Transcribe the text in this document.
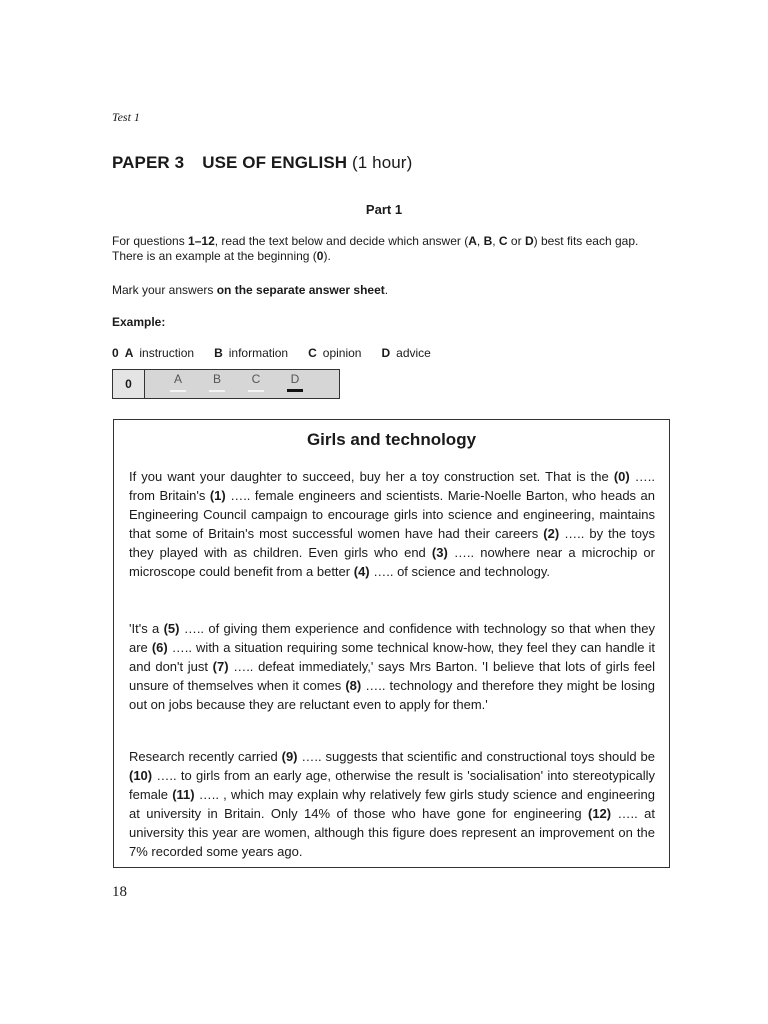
Test 1
PAPER 3 USE OF ENGLISH (1 hour)
Part 1
For questions 1–12, read the text below and decide which answer (A, B, C or D) best fits each gap.
There is an example at the beginning (0).
Mark your answers on the separate answer sheet.
Example:
0 A instruction B information C opinion D advice
0	A	B	C	D
Girls and technology
If you want your daughter to succeed, buy her a toy construction set. That is the (0) ….. from Britain's (1) ….. female engineers and scientists. Marie-Noelle Barton, who heads an Engineering Council campaign to encourage girls into science and engineering, maintains that some of Britain's most successful women have had their careers (2) ….. by the toys they played with as children. Even girls who end (3) ….. nowhere near a microchip or microscope could benefit from a better (4) ….. of science and technology.
'It's a (5) ….. of giving them experience and confidence with technology so that when they are (6) ….. with a situation requiring some technical know-how, they feel they can handle it and don't just (7) ….. defeat immediately,' says Mrs Barton. 'I believe that lots of girls feel unsure of themselves when it comes (8) ….. technology and therefore they might be losing out on jobs because they are reluctant even to apply for them.'
Research recently carried (9) ….. suggests that scientific and constructional toys should be (10) ….. to girls from an early age, otherwise the result is 'socialisation' into stereotypically female (11) ….. , which may explain why relatively few girls study science and engineering at university in Britain. Only 14% of those who have gone for engineering (12) ….. at university this year are women, although this figure does represent an improvement on the 7% recorded some years ago.
18
